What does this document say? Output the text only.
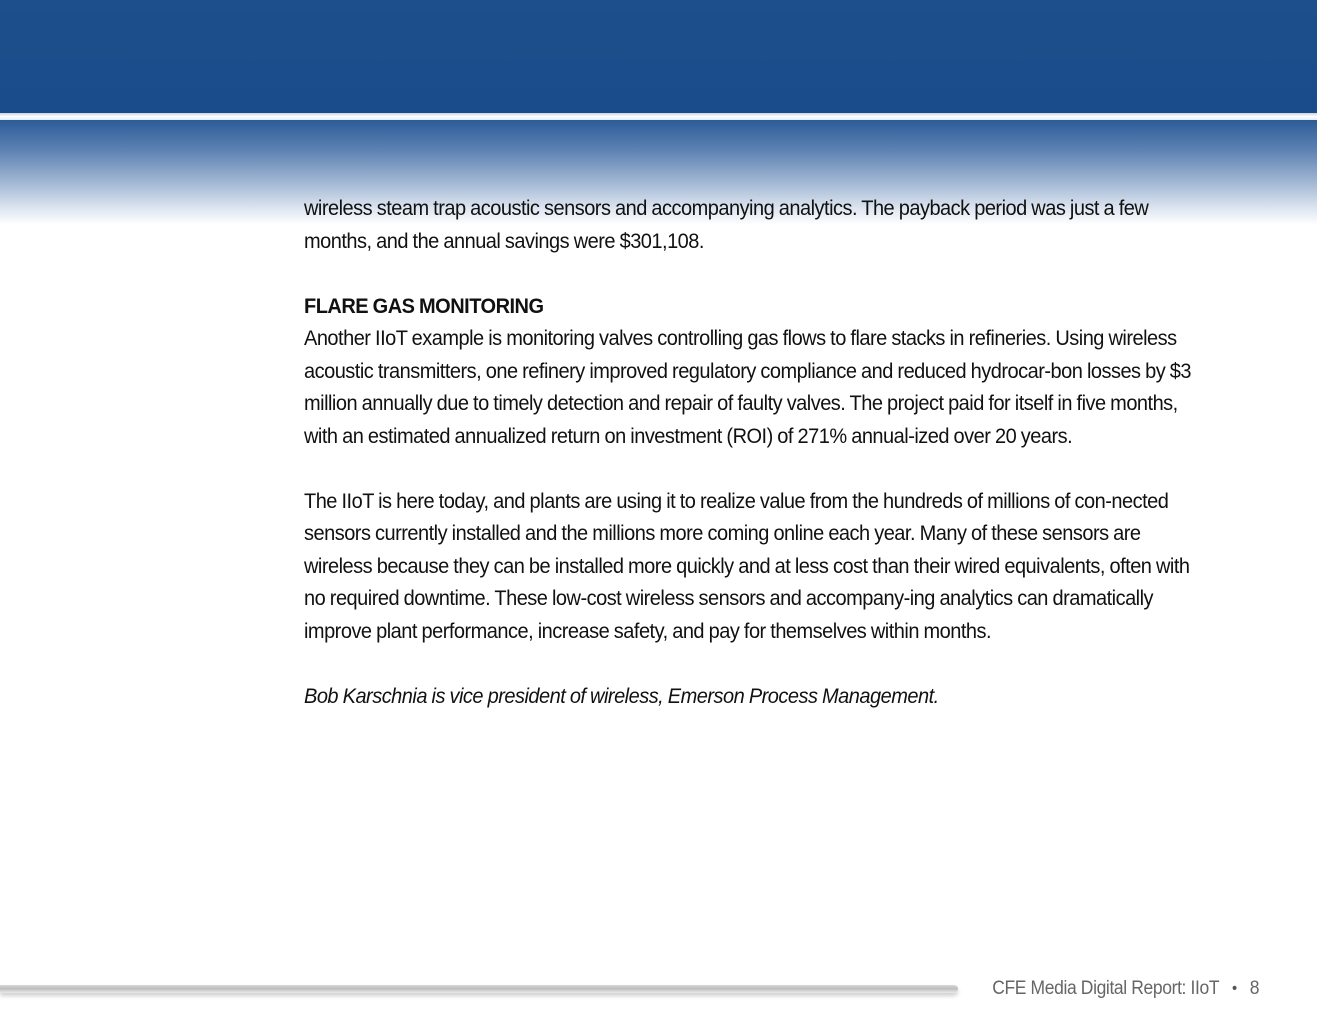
wireless steam trap acoustic sensors and accompanying analytics. The payback period was just a few months, and the annual savings were $301,108.

FLARE GAS MONITORING

Another IIoT example is monitoring valves controlling gas flows to flare stacks in refineries. Using wireless acoustic transmitters, one refinery improved regulatory compliance and reduced hydrocar-bon losses by $3 million annually due to timely detection and repair of faulty valves. The project paid for itself in five months, with an estimated annualized return on investment (ROI) of 271% annual-ized over 20 years.

The IIoT is here today, and plants are using it to realize value from the hundreds of millions of con-nected sensors currently installed and the millions more coming online each year. Many of these sensors are wireless because they can be installed more quickly and at less cost than their wired equivalents, often with no required downtime. These low-cost wireless sensors and accompany-ing analytics can dramatically improve plant performance, increase safety, and pay for themselves within months.

Bob Karschnia is vice president of wireless, Emerson Process Management.

CFE Media Digital Report: IIoT • 8
